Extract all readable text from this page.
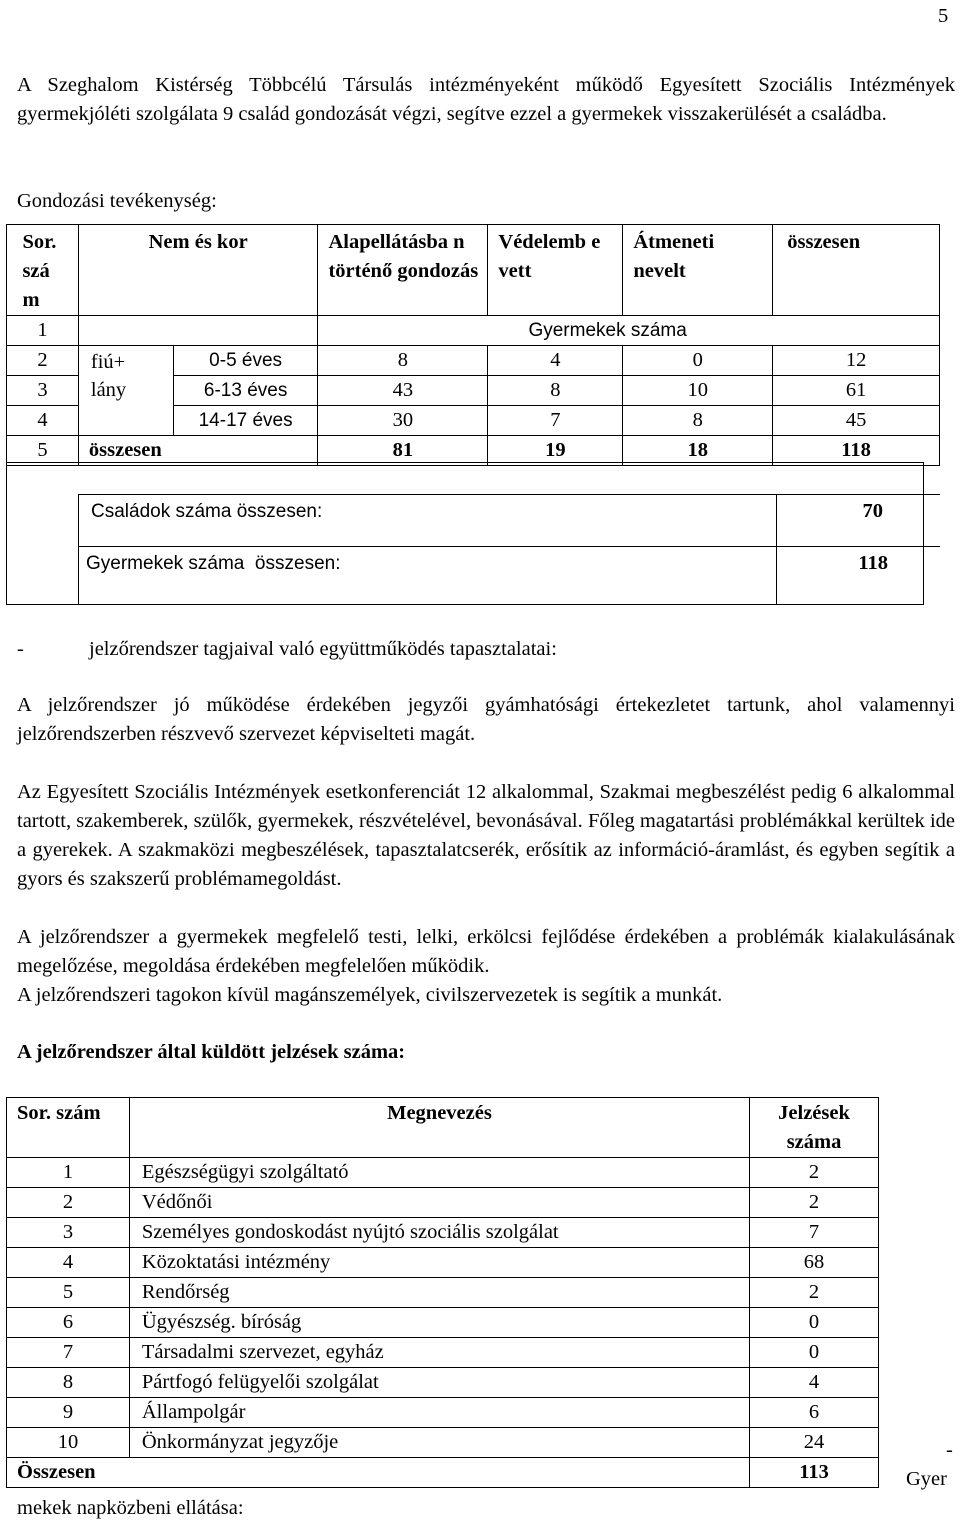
5
A Szeghalom Kistérség Többcélú Társulás intézményeként működő Egyesített Szociális Intézmények gyermekjóléti szolgálata 9 család gondozását végzi, segítve ezzel a gyermekek visszakerülését a családba.
Gondozási tevékenység:
Sor. szá m	Nem és kor		Alapellátásba n történő gondozás	Védelemb e vett	Átmeneti nevelt	összesen

1			Gyermekek száma			
2	fiú+ lány	0-5 éves	8	4	0	12
3		6-13 éves	43	8	10	61
4		14-17 éves	30	7	8	45
5	összesen		81	19	18	118
Családok száma összesen:	70
Gyermekek száma  összesen:	118
-	jelzőrendszer tagjaival való együttműködés tapasztalatai:
A jelzőrendszer jó működése érdekében jegyzői gyámhatósági értekezletet tartunk, ahol valamennyi jelzőrendszerben részvevő szervezet képviselteti magát.
Az Egyesített Szociális Intézmények esetkonferenciát 12 alkalommal, Szakmai megbeszélést pedig 6 alkalommal tartott, szakemberek, szülők, gyermekek, részvételével, bevonásával. Főleg magatartási problémákkal kerültek ide a gyerekek. A szakmaközi megbeszélések, tapasztalatcserék, erősítik az információ-áramlást, és egyben segítik a gyors és szakszerű problémamegoldást.
A jelzőrendszer a gyermekek megfelelő testi, lelki, erkölcsi fejlődése érdekében a problémák kialakulásának megelőzése, megoldása érdekében megfelelően működik.
A jelzőrendszeri tagokon kívül magánszemélyek, civilszervezetek is segítik a munkát.
A jelzőrendszer által küldött jelzések száma:
Sor. szám	Megnevezés	Jelzések száma
1	Egészségügyi szolgáltató	2
2	Védőnői	2
3	Személyes gondoskodást nyújtó szociális szolgálat	7
4	Közoktatási intézmény	68
5	Rendőrség	2
6	Ügyészség. bíróság	0
7	Társadalmi szervezet, egyház	0
8	Pártfogó felügyelői szolgálat	4
9	Állampolgár	6
10	Önkormányzat jegyzője	24
Összesen		113
-
Gyer
mekek napközbeni ellátása:
